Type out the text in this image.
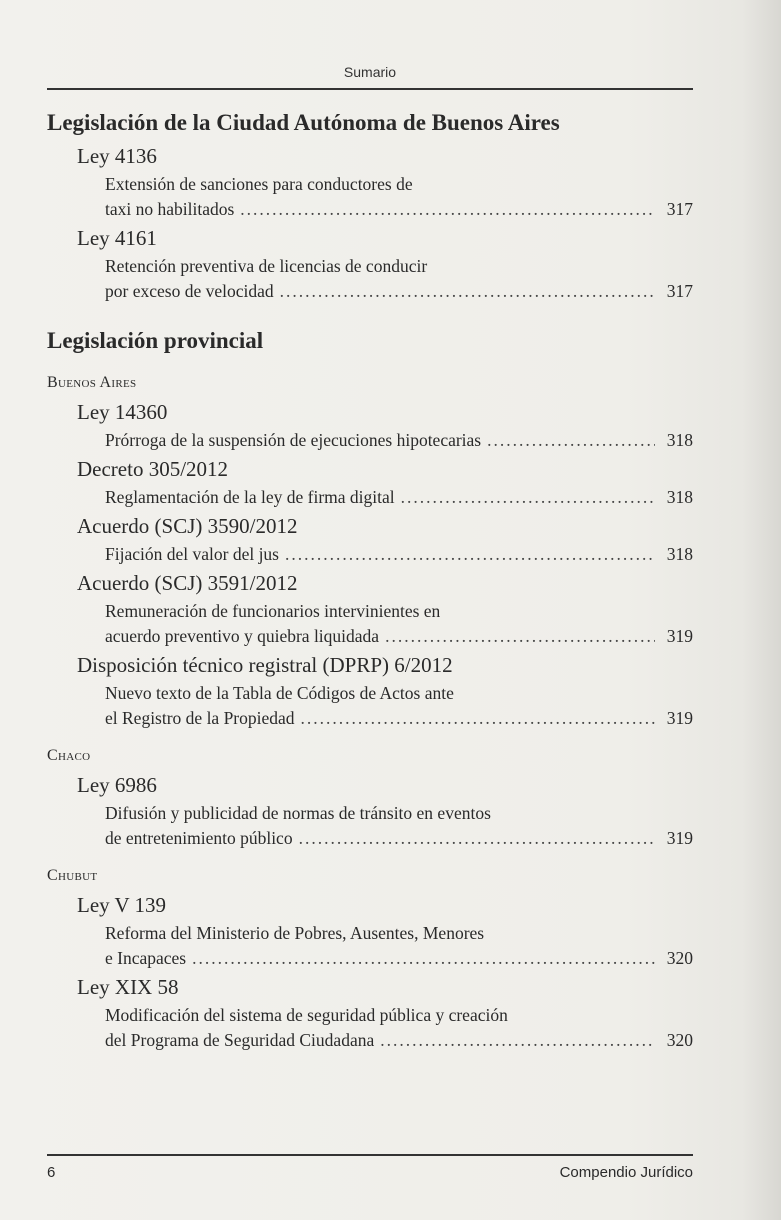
Sumario
Legislación de la Ciudad Autónoma de Buenos Aires
Ley 4136
Extensión de sanciones para conductores de
taxi no habilitados .....	317
Ley 4161
Retención preventiva de licencias de conducir
por exceso de velocidad .....	317
Legislación provincial
Buenos Aires
Ley 14360
Prórroga de la suspensión de ejecuciones hipotecarias .....	318
Decreto 305/2012
Reglamentación de la ley de firma digital .....	318
Acuerdo (SCJ) 3590/2012
Fijación del valor del jus .....	318
Acuerdo (SCJ) 3591/2012
Remuneración de funcionarios intervinientes en
acuerdo preventivo y quiebra liquidada .....	319
Disposición técnico registral (DPRP) 6/2012
Nuevo texto de la Tabla de Códigos de Actos ante
el Registro de la Propiedad .....	319
Chaco
Ley 6986
Difusión y publicidad de normas de tránsito en eventos
de entretenimiento público .....	319
Chubut
Ley V 139
Reforma del Ministerio de Pobres, Ausentes, Menores
e Incapaces .....	320
Ley XIX 58
Modificación del sistema de seguridad pública y creación
del Programa de Seguridad Ciudadana .....	320
6	Compendio Jurídico
